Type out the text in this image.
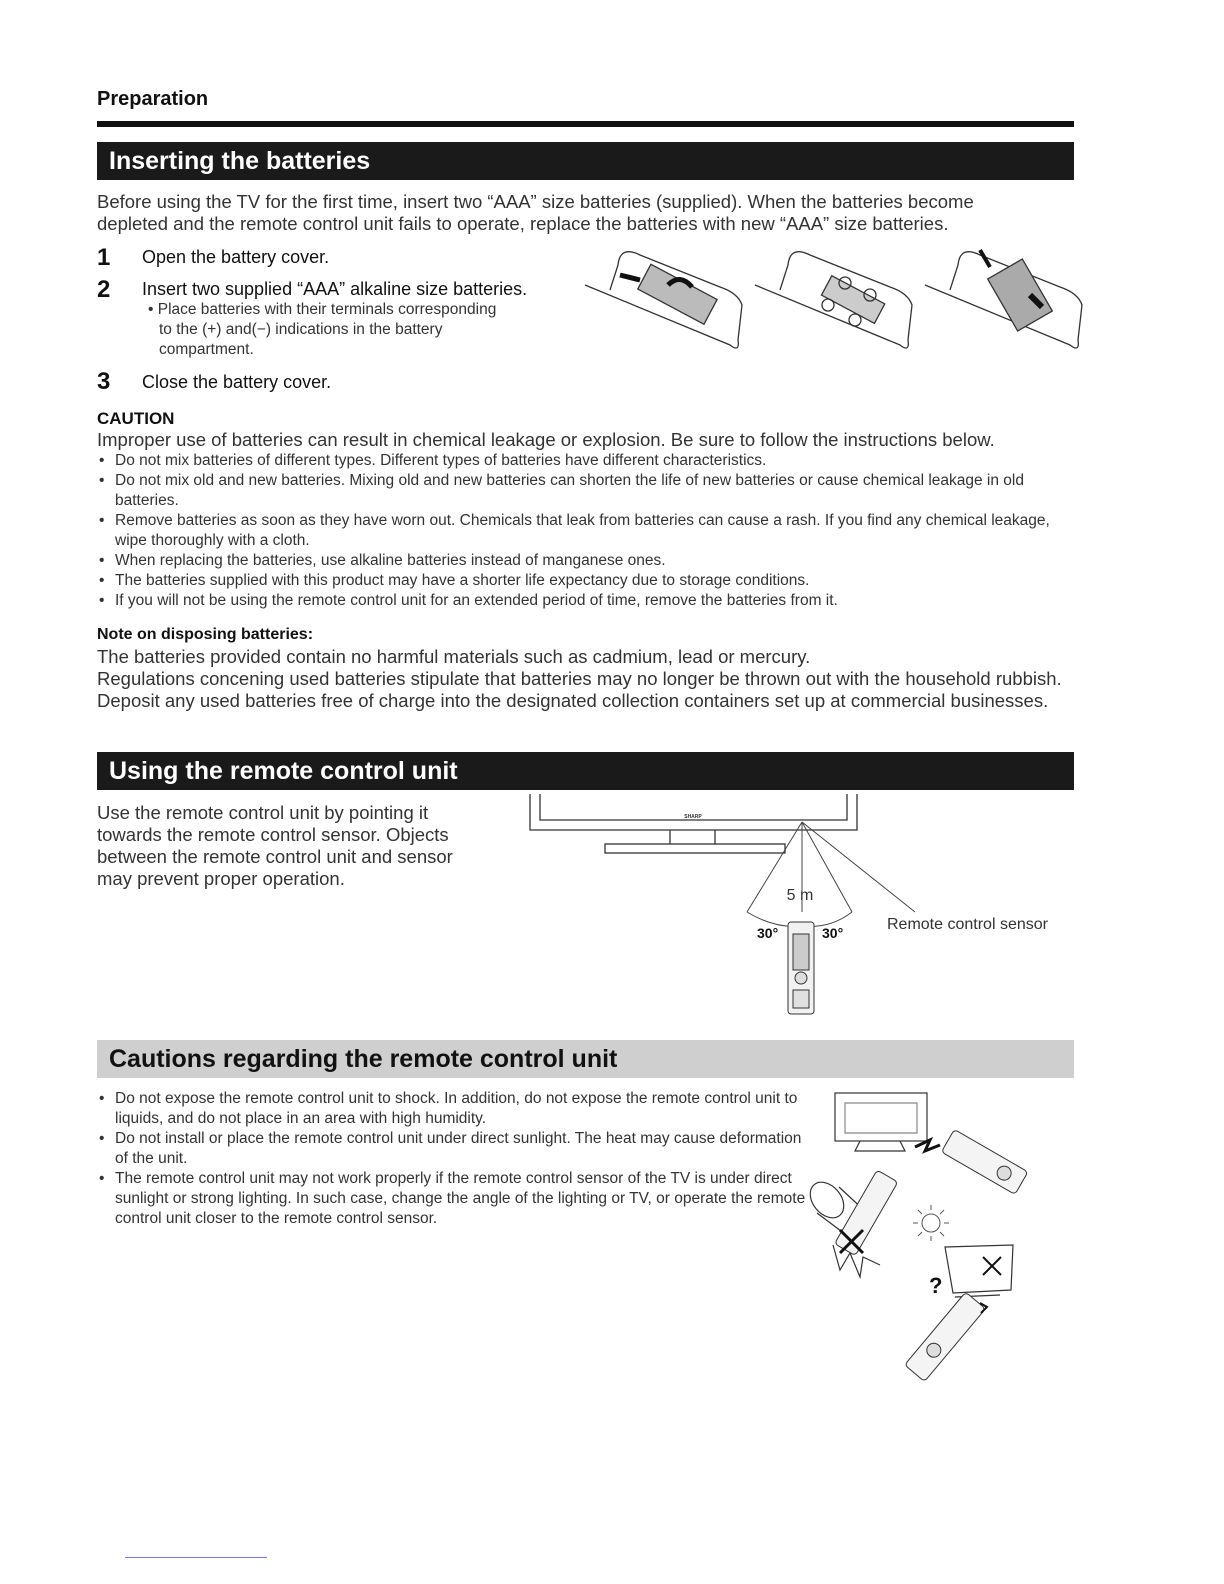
Preparation
Inserting the batteries
Before using the TV for the first time, insert two “AAA” size batteries (supplied). When the batteries become
depleted and the remote control unit fails to operate, replace the batteries with new “AAA” size batteries.
1 Open the battery cover.
2 Insert two supplied “AAA” alkaline size batteries.
• Place batteries with their terminals corresponding
to the (+) and(−) indications in the battery
compartment.
3 Close the battery cover.
CAUTION
Improper use of batteries can result in chemical leakage or explosion. Be sure to follow the instructions below.
• Do not mix batteries of different types. Different types of batteries have different characteristics.
• Do not mix old and new batteries. Mixing old and new batteries can shorten the life of new batteries or cause chemical leakage in old batteries.
• Remove batteries as soon as they have worn out. Chemicals that leak from batteries can cause a rash. If you find any chemical leakage, wipe thoroughly with a cloth.
• When replacing the batteries, use alkaline batteries instead of manganese ones.
• The batteries supplied with this product may have a shorter life expectancy due to storage conditions.
• If you will not be using the remote control unit for an extended period of time, remove the batteries from it.
Note on disposing batteries:
The batteries provided contain no harmful materials such as cadmium, lead or mercury.
Regulations concening used batteries stipulate that batteries may no longer be thrown out with the household rubbish. Deposit any used batteries free of charge into the designated collection containers set up at commercial businesses.
Using the remote control unit
Use the remote control unit by pointing it towards the remote control sensor. Objects between the remote control unit and sensor may prevent proper operation.
SHARP
5 m
30°	30°	Remote control sensor
Cautions regarding the remote control unit
• Do not expose the remote control unit to shock. In addition, do not expose the remote control unit to liquids, and do not place in an area with high humidity.
• Do not install or place the remote control unit under direct sunlight. The heat may cause deformation of the unit.
• The remote control unit may not work properly if the remote control sensor of the TV is under direct sunlight or strong lighting. In such case, change the angle of the lighting or TV, or operate the remote control unit closer to the remote control sensor.
?
